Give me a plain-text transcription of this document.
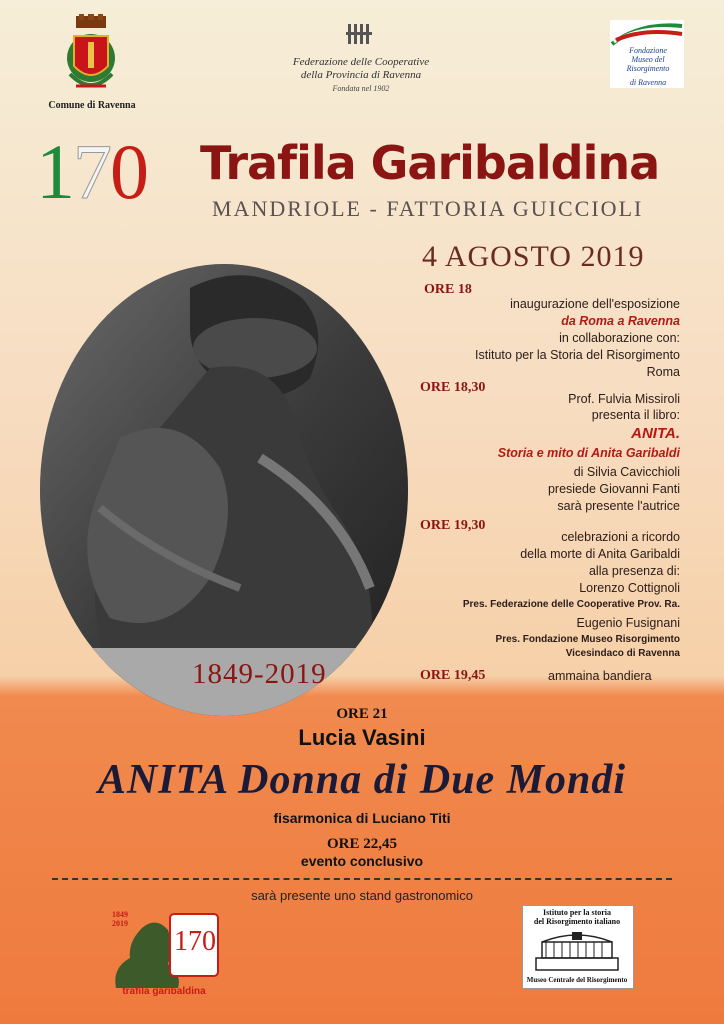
Comune di Ravenna
Federazione delle Cooperative
della Provincia di Ravenna
Fondata nel 1902
Fondazione
Museo del
Risorgimento
di Ravenna
170 Trafila Garibaldina
MANDRIOLE - FATTORIA GUICCIOLI
4 AGOSTO 2019
1849-2019
ORE 18
inaugurazione dell'esposizione
da Roma a Ravenna
in collaborazione con:
Istituto per la Storia del Risorgimento
Roma
ORE 18,30
Prof. Fulvia Missiroli
presenta il libro:
ANITA.
Storia e mito di Anita Garibaldi
di Silvia Cavicchioli
presiede Giovanni Fanti
sarà presente l'autrice
ORE 19,30
celebrazioni a ricordo
della morte di Anita Garibaldi
alla presenza di:
Lorenzo Cottignoli
Pres. Federazione delle Cooperative Prov. Ra.
Eugenio Fusignani
Pres. Fondazione Museo Risorgimento
Vicesindaco di Ravenna
ORE 19,45	ammaina bandiera
ORE 21
Lucia Vasini
ANITA Donna di Due Mondi
fisarmonica di Luciano Titi
ORE 22,45
evento conclusivo
sarà presente uno stand gastronomico
1849
2019
170
trafila garibaldina
Istituto per la storia
del Risorgimento italiano
Museo Centrale del Risorgimento
